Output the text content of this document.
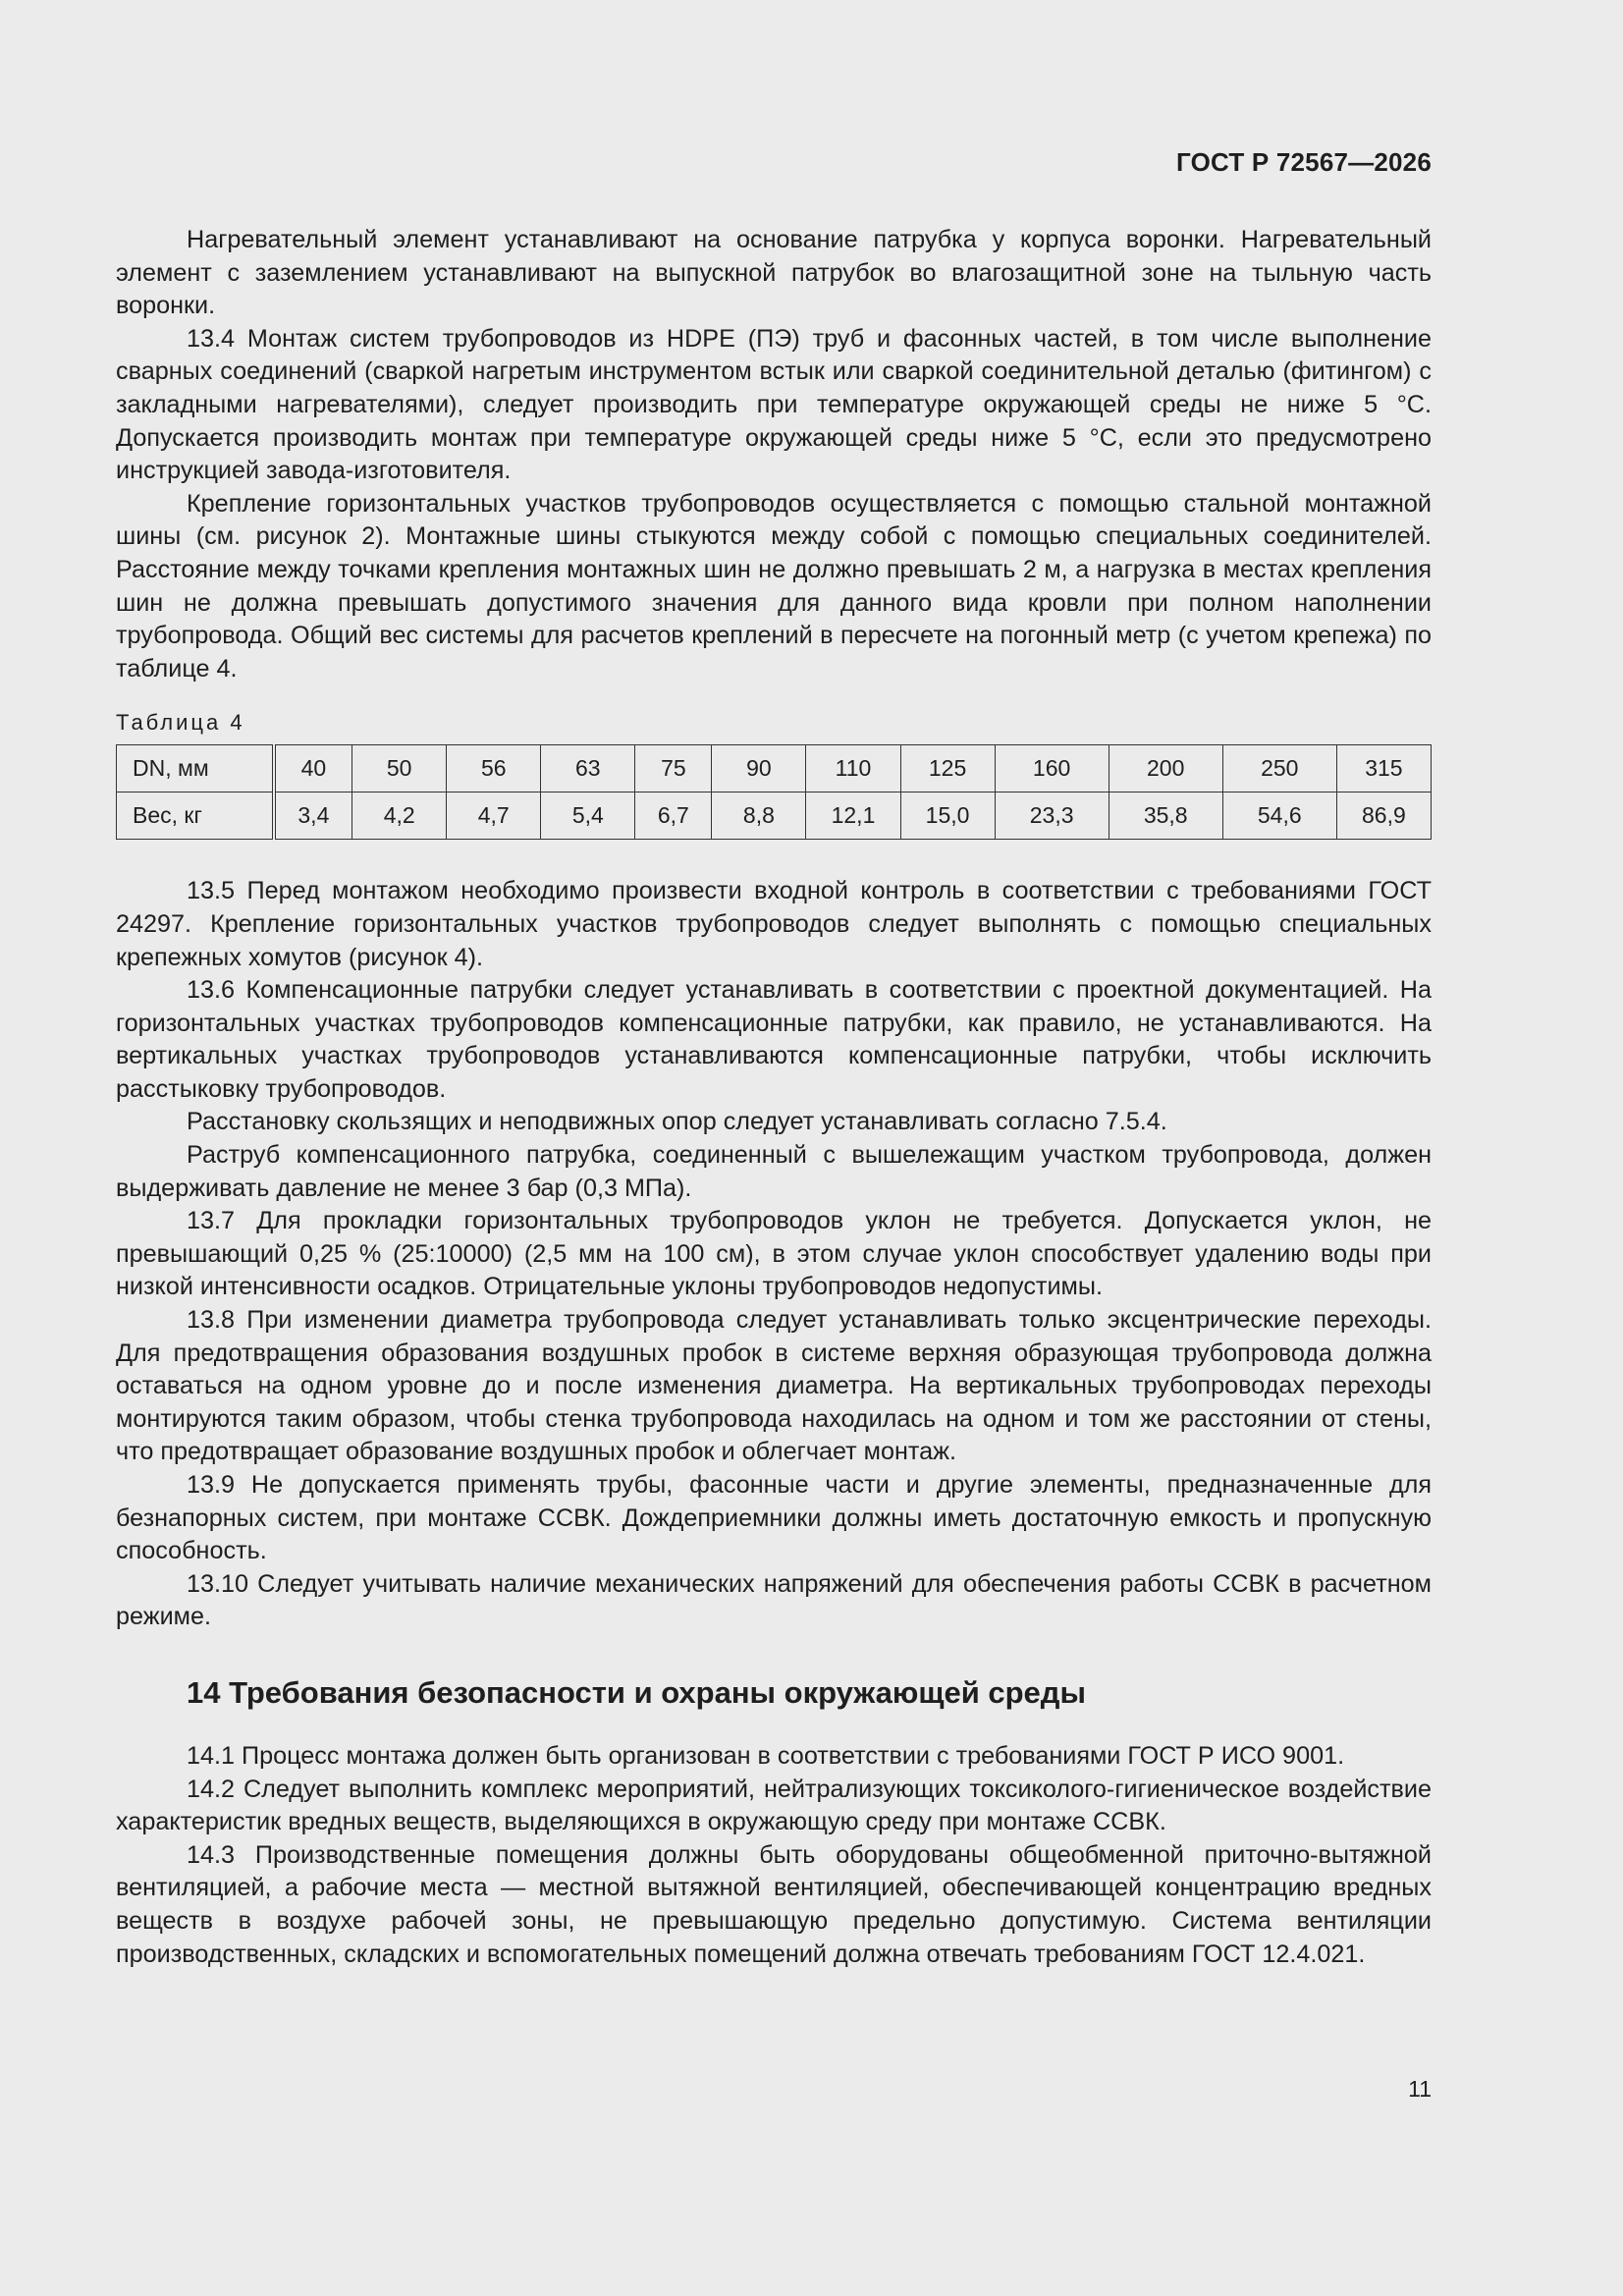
ГОСТ Р 72567—2026

Нагревательный элемент устанавливают на основание патрубка у корпуса воронки. Нагревательный элемент с заземлением устанавливают на выпускной патрубок во влагозащитной зоне на тыльную часть воронки.

13.4 Монтаж систем трубопроводов из HDPE (ПЭ) труб и фасонных частей, в том числе выполнение сварных соединений (сваркой нагретым инструментом встык или сваркой соединительной деталью (фитингом) с закладными нагревателями), следует производить при температуре окружающей среды не ниже 5 °С. Допускается производить монтаж при температуре окружающей среды ниже 5 °С, если это предусмотрено инструкцией завода-изготовителя.

Крепление горизонтальных участков трубопроводов осуществляется с помощью стальной монтажной шины (см. рисунок 2). Монтажные шины стыкуются между собой с помощью специальных соединителей. Расстояние между точками крепления монтажных шин не должно превышать 2 м, а нагрузка в местах крепления шин не должна превышать допустимого значения для данного вида кровли при полном наполнении трубопровода. Общий вес системы для расчетов креплений в пересчете на погонный метр (с учетом крепежа) по таблице 4.

Таблица 4
DN, мм	40	50	56	63	75	90	110	125	160	200	250	315
Вес, кг	3,4	4,2	4,7	5,4	6,7	8,8	12,1	15,0	23,3	35,8	54,6	86,9

13.5 Перед монтажом необходимо произвести входной контроль в соответствии с требованиями ГОСТ 24297. Крепление горизонтальных участков трубопроводов следует выполнять с помощью специальных крепежных хомутов (рисунок 4).

13.6 Компенсационные патрубки следует устанавливать в соответствии с проектной документацией. На горизонтальных участках трубопроводов компенсационные патрубки, как правило, не устанавливаются. На вертикальных участках трубопроводов устанавливаются компенсационные патрубки, чтобы исключить расстыковку трубопроводов.

Расстановку скользящих и неподвижных опор следует устанавливать согласно 7.5.4.

Раструб компенсационного патрубка, соединенный с вышележащим участком трубопровода, должен выдерживать давление не менее 3 бар (0,3 МПа).

13.7 Для прокладки горизонтальных трубопроводов уклон не требуется. Допускается уклон, не превышающий 0,25 % (25:10000) (2,5 мм на 100 см), в этом случае уклон способствует удалению воды при низкой интенсивности осадков. Отрицательные уклоны трубопроводов недопустимы.

13.8 При изменении диаметра трубопровода следует устанавливать только эксцентрические переходы. Для предотвращения образования воздушных пробок в системе верхняя образующая трубопровода должна оставаться на одном уровне до и после изменения диаметра. На вертикальных трубопроводах переходы монтируются таким образом, чтобы стенка трубопровода находилась на одном и том же расстоянии от стены, что предотвращает образование воздушных пробок и облегчает монтаж.

13.9 Не допускается применять трубы, фасонные части и другие элементы, предназначенные для безнапорных систем, при монтаже ССВК. Дождеприемники должны иметь достаточную емкость и пропускную способность.

13.10 Следует учитывать наличие механических напряжений для обеспечения работы ССВК в расчетном режиме.

14 Требования безопасности и охраны окружающей среды

14.1 Процесс монтажа должен быть организован в соответствии с требованиями ГОСТ Р ИСО 9001.

14.2 Следует выполнить комплекс мероприятий, нейтрализующих токсиколого-гигиеническое воздействие характеристик вредных веществ, выделяющихся в окружающую среду при монтаже ССВК.

14.3 Производственные помещения должны быть оборудованы общеобменной приточно-вытяжной вентиляцией, а рабочие места — местной вытяжной вентиляцией, обеспечивающей концентрацию вредных веществ в воздухе рабочей зоны, не превышающую предельно допустимую. Система вентиляции производственных, складских и вспомогательных помещений должна отвечать требованиям ГОСТ 12.4.021.

11
